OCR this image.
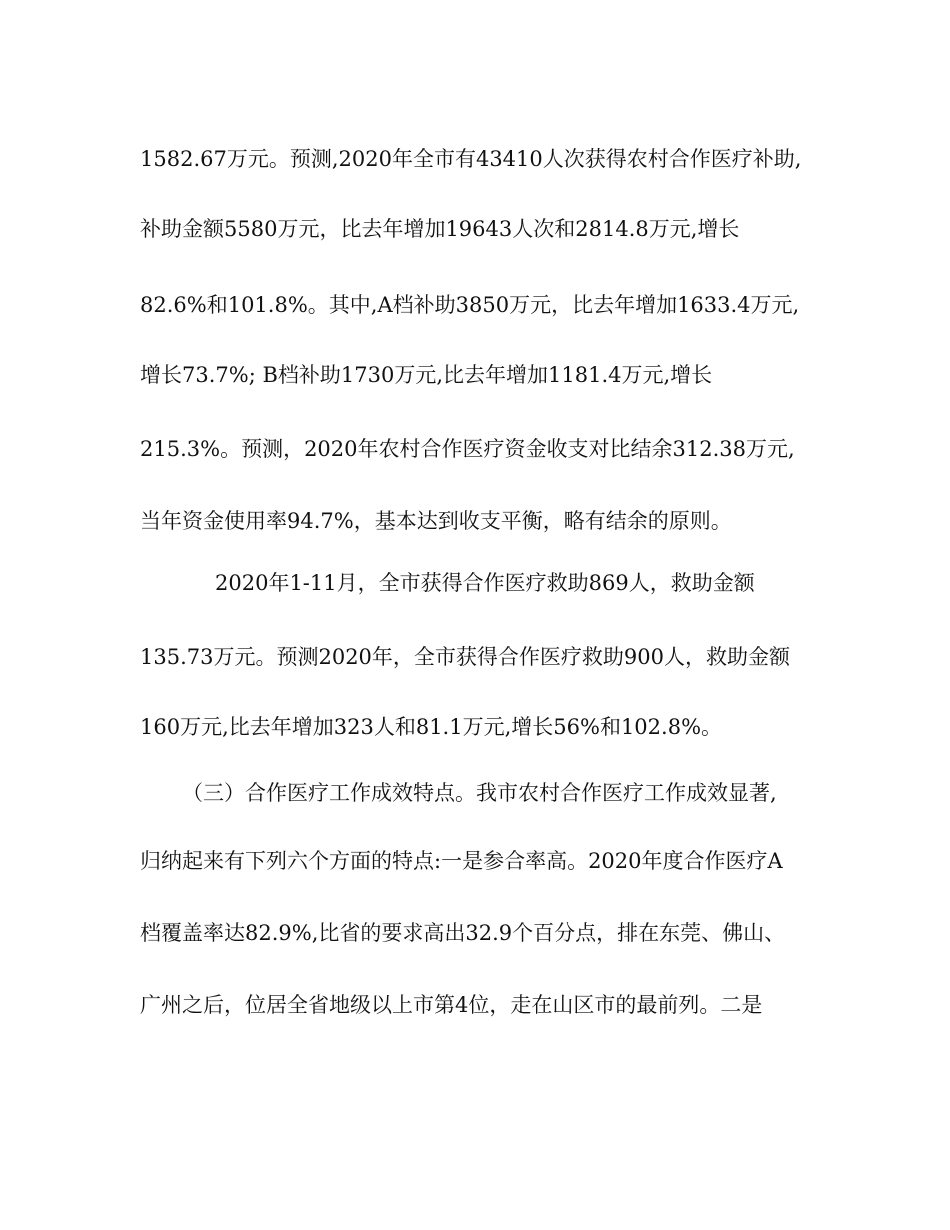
1582.67万元。预测,2020年全市有43410人次获得农村合作医疗补助,
补助金额5580万元，比去年增加19643人次和2814.8万元,增长
82.6%和101.8%。其中,A档补助3850万元，比去年增加1633.4万元,
增长73.7%; B档补助1730万元,比去年增加1181.4万元,增长
215.3%。预测，2020年农村合作医疗资金收支对比结余312.38万元,
当年资金使用率94.7%，基本达到收支平衡，略有结余的原则。
2020年1-11月，全市获得合作医疗救助869人，救助金额
135.73万元。预测2020年，全市获得合作医疗救助900人，救助金额
160万元,比去年增加323人和81.1万元,增长56%和102.8%。
（三）合作医疗工作成效特点。我市农村合作医疗工作成效显著,
归纳起来有下列六个方面的特点:一是参合率高。2020年度合作医疗A
档覆盖率达82.9%,比省的要求高出32.9个百分点，排在东莞、佛山、
广州之后，位居全省地级以上市第4位，走在山区市的最前列。二是
